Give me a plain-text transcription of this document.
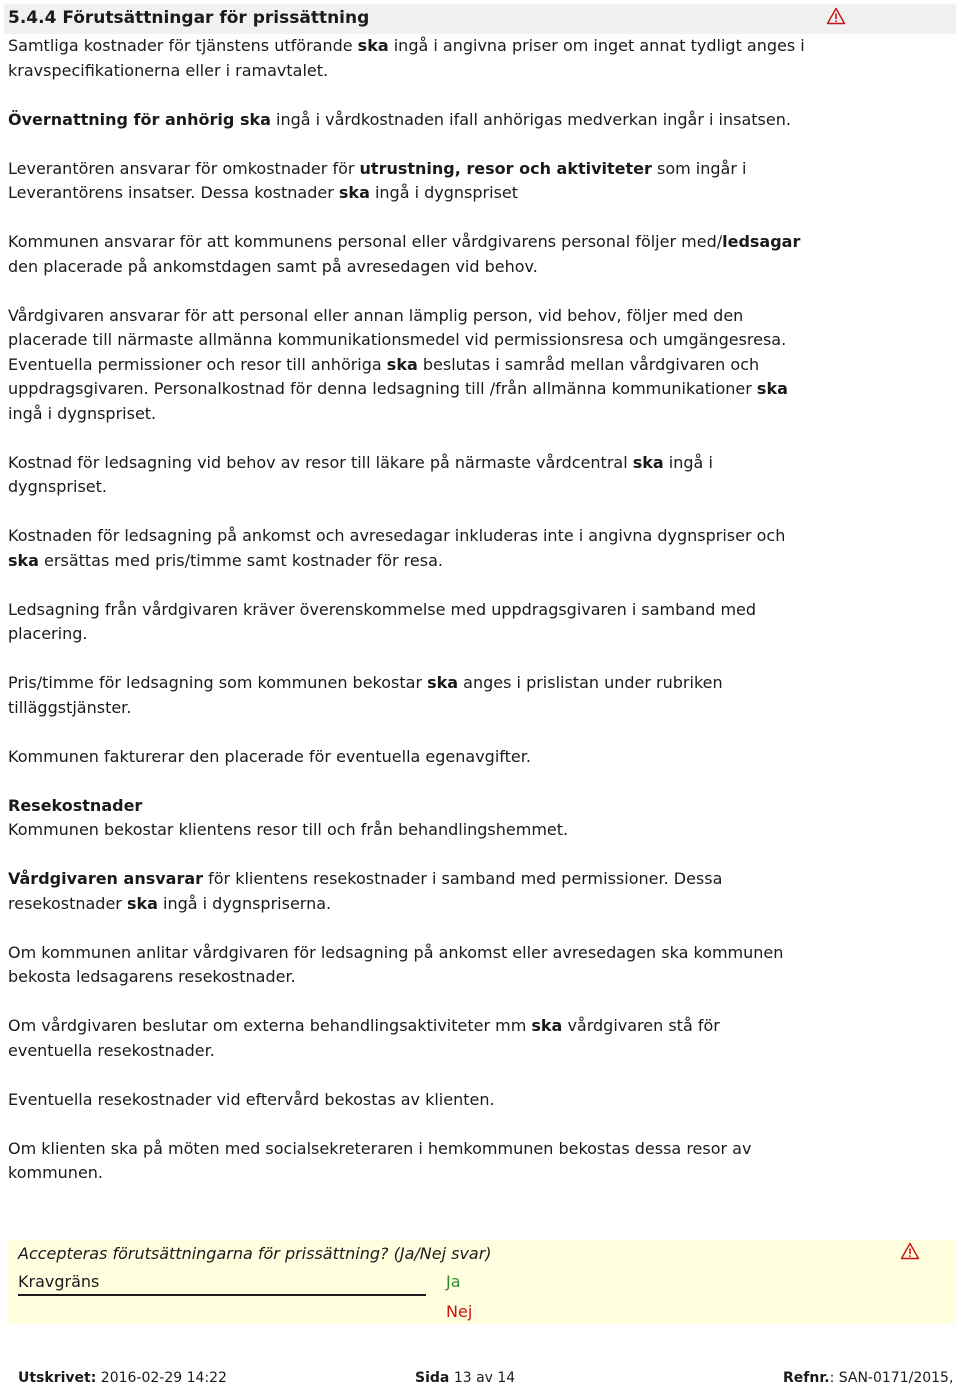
5.4.4 Förutsättningar för prissättning

Samtliga kostnader för tjänstens utförande ska ingå i angivna priser om inget annat tydligt anges i kravspecifikationerna eller i ramavtalet.

Övernattning för anhörig ska ingå i vårdkostnaden ifall anhörigas medverkan ingår i insatsen.

Leverantören ansvarar för omkostnader för utrustning, resor och aktiviteter som ingår i Leverantörens insatser. Dessa kostnader ska ingå i dygnspriset

Kommunen ansvarar för att kommunens personal eller vårdgivarens personal följer med/ledsagar den placerade på ankomstdagen samt på avresedagen vid behov.

Vårdgivaren ansvarar för att personal eller annan lämplig person, vid behov, följer med den placerade till närmaste allmänna kommunikationsmedel vid permissionsresa och umgängesresa. Eventuella permissioner och resor till anhöriga ska beslutas i samråd mellan vårdgivaren och uppdragsgivaren. Personalkostnad för denna ledsagning till /från allmänna kommunikationer ska ingå i dygnspriset.

Kostnad för ledsagning vid behov av resor till läkare på närmaste vårdcentral ska ingå i dygnspriset.

Kostnaden för ledsagning på ankomst och avresedagar inkluderas inte i angivna dygnspriser och ska ersättas med pris/timme samt kostnader för resa.

Ledsagning från vårdgivaren kräver överenskommelse med uppdragsgivaren i samband med placering.

Pris/timme för ledsagning som kommunen bekostar ska anges i prislistan under rubriken tilläggstjänster.

Kommunen fakturerar den placerade för eventuella egenavgifter.

Resekostnader
Kommunen bekostar klientens resor till och från behandlingshemmet.

Vårdgivaren ansvarar för klientens resekostnader i samband med permissioner. Dessa resekostnader ska ingå i dygnspriserna.

Om kommunen anlitar vårdgivaren för ledsagning på ankomst eller avresedagen ska kommunen bekosta ledsagarens resekostnader.

Om vårdgivaren beslutar om externa behandlingsaktiviteter mm ska vårdgivaren stå för eventuella resekostnader.

Eventuella resekostnader vid eftervård bekostas av klienten.

Om klienten ska på möten med socialsekreteraren i hemkommunen bekostas dessa resor av kommunen.

Accepteras förutsättningarna för prissättning? (Ja/Nej svar)
Kravgräns	Ja
Nej
Utskrivet: 2016-02-29 14:22	Sida 13 av 14	Refnr.: SAN-0171/2015,
